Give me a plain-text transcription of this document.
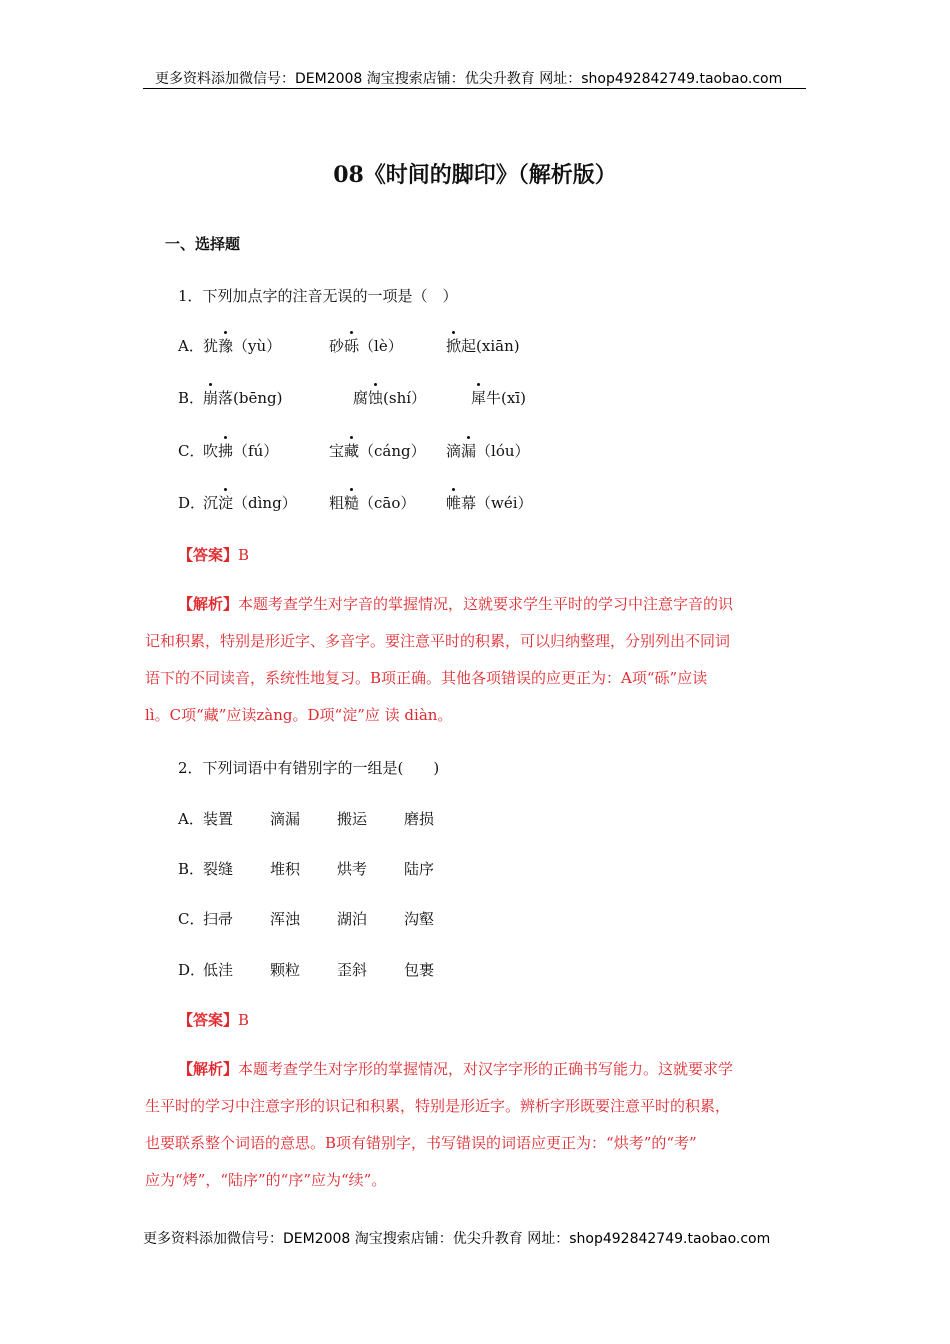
更多资料添加微信号：DEM2008 淘宝搜索店铺：优尖升教育 网址：shop492842749.taobao.com
08《时间的脚印》（解析版）
一、选择题
1．下列加点字的注音无误的一项是（　）
A． 犹豫（yù）	砂砾（lè）	掀起(xiān)
B．
崩落(bēng)	腐蚀(shí）	犀牛(xī)
C．
吹拂（fú）	宝藏（cáng） 滴漏（lóu）
D．
沉淀（dìng） 粗糙（cāo） 帷幕（wéi）
【答案】B
【解析】本题考查学生对字音的掌握情况，这就要求学生平时的学习中注意字音的识
记和积累，特别是形近字、多音字。要注意平时的积累，可以归纳整理，分别列出不同词
语下的不同读音，系统性地复习。B项正确。其他各项错误的应更正为：A项“砾”应读
lì。C项“藏”应读zàng。D项“淀”应 读 diàn。
2．下列词语中有错别字的一组是(　　)
A． 装置 滴漏 搬运 磨损
B．
裂缝 堆积 烘考 陆序
C．
扫帚 浑浊 湖泊 沟壑
D．
低洼 颗粒 歪斜 包裹
【答案】B
【解析】本题考查学生对字形的掌握情况，对汉字字形的正确书写能力。这就要求学
生平时的学习中注意字形的识记和积累，特别是形近字。辨析字形既要注意平时的积累，
也要联系整个词语的意思。B项有错别字，书写错误的词语应更正为：“烘考”的“考”
应为“烤”，“陆序”的“序”应为“续”。
更多资料添加微信号：DEM2008 淘宝搜索店铺：优尖升教育 网址：shop492842749.taobao.com
